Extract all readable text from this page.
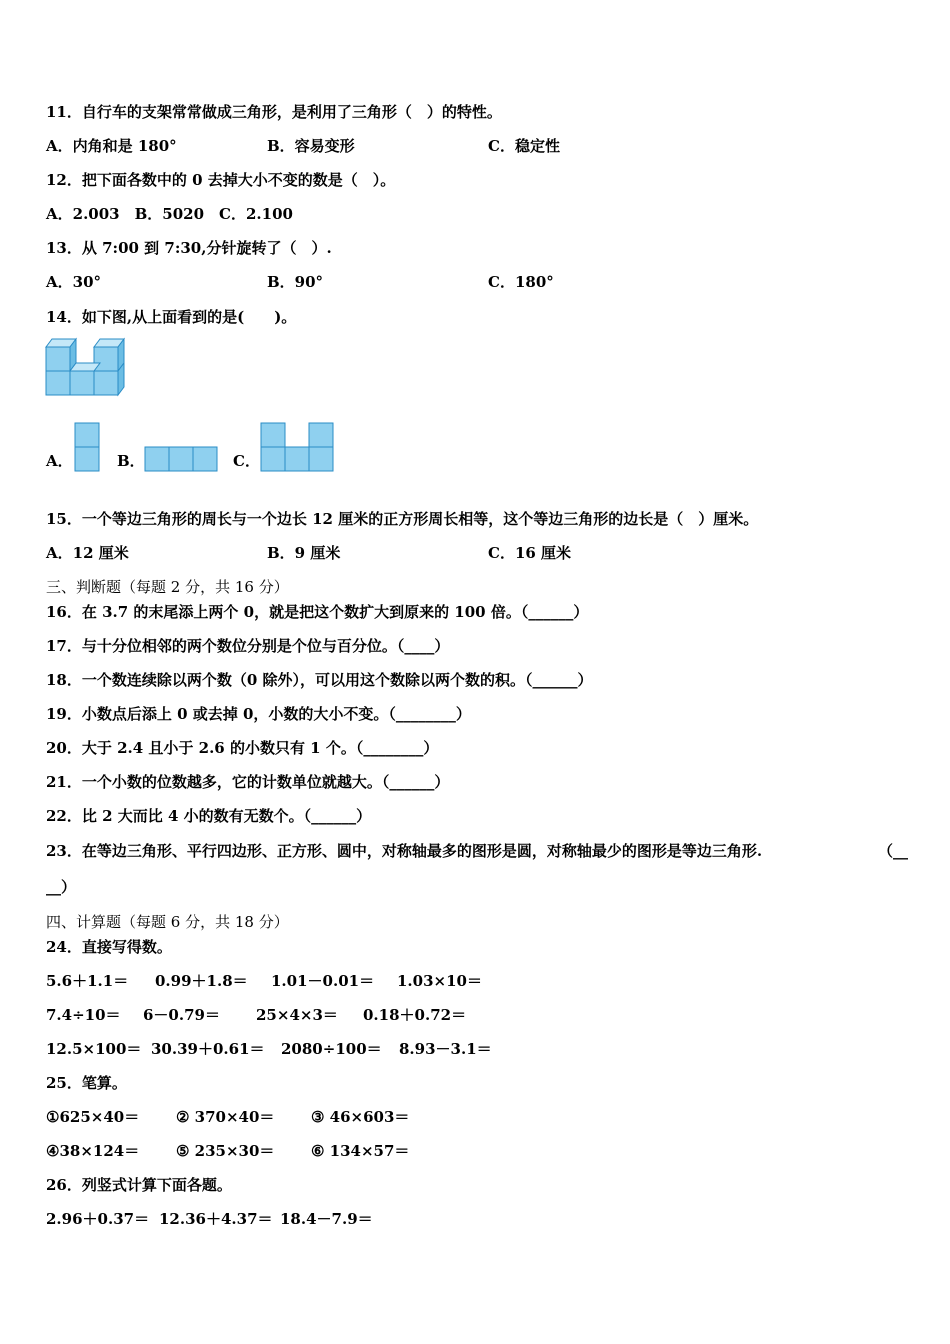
11．自行车的支架常常做成三角形，是利用了三角形（　）的特性。
A．内角和是 180°	B．容易变形	C．稳定性
12．把下面各数中的 0 去掉大小不变的数是（　）。
A．2.003　B．5020　C．2.100
13．从 7:00 到 7:30,分针旋转了（　）.
A．30°	B．90°	C．180°
14．如下图,从上面看到的是(　　)。
A．	B．	C．
15．一个等边三角形的周长与一个边长 12 厘米的正方形周长相等，这个等边三角形的边长是（　）厘米。
A．12 厘米	B．9 厘米	C．16 厘米
三、判断题（每题 2 分，共 16 分）
16．在 3.7 的末尾添上两个 0，就是把这个数扩大到原来的 100 倍。（______）
17．与十分位相邻的两个数位分别是个位与百分位。（____）
18．一个数连续除以两个数（0 除外），可以用这个数除以两个数的积。（______）
19．小数点后添上 0 或去掉 0，小数的大小不变。（________）
20．大于 2.4 且小于 2.6 的小数只有 1 个。（________）
21．一个小数的位数越多，它的计数单位就越大。（______）
22．比 2 大而比 4 小的数有无数个。（______）
23．在等边三角形、平行四边形、正方形、圆中，对称轴最多的图形是圆，对称轴最少的图形是等边三角形.	（__
__）
四、计算题（每题 6 分，共 18 分）
24．直接写得数。
5.6＋1.1＝ 0.99＋1.8＝ 1.01－0.01＝ 1.03×10＝
7.4÷10＝ 6－0.79＝ 25×4×3＝ 0.18＋0.72＝
12.5×100＝ 30.39＋0.61＝ 2080÷100＝ 8.93－3.1＝
25．笔算。
①625×40＝ ② 370×40＝ ③ 46×603＝
④38×124＝ ⑤ 235×30＝ ⑥ 134×57＝
26．列竖式计算下面各题。
2.96＋0.37＝ 12.36＋4.37＝ 18.4－7.9＝
